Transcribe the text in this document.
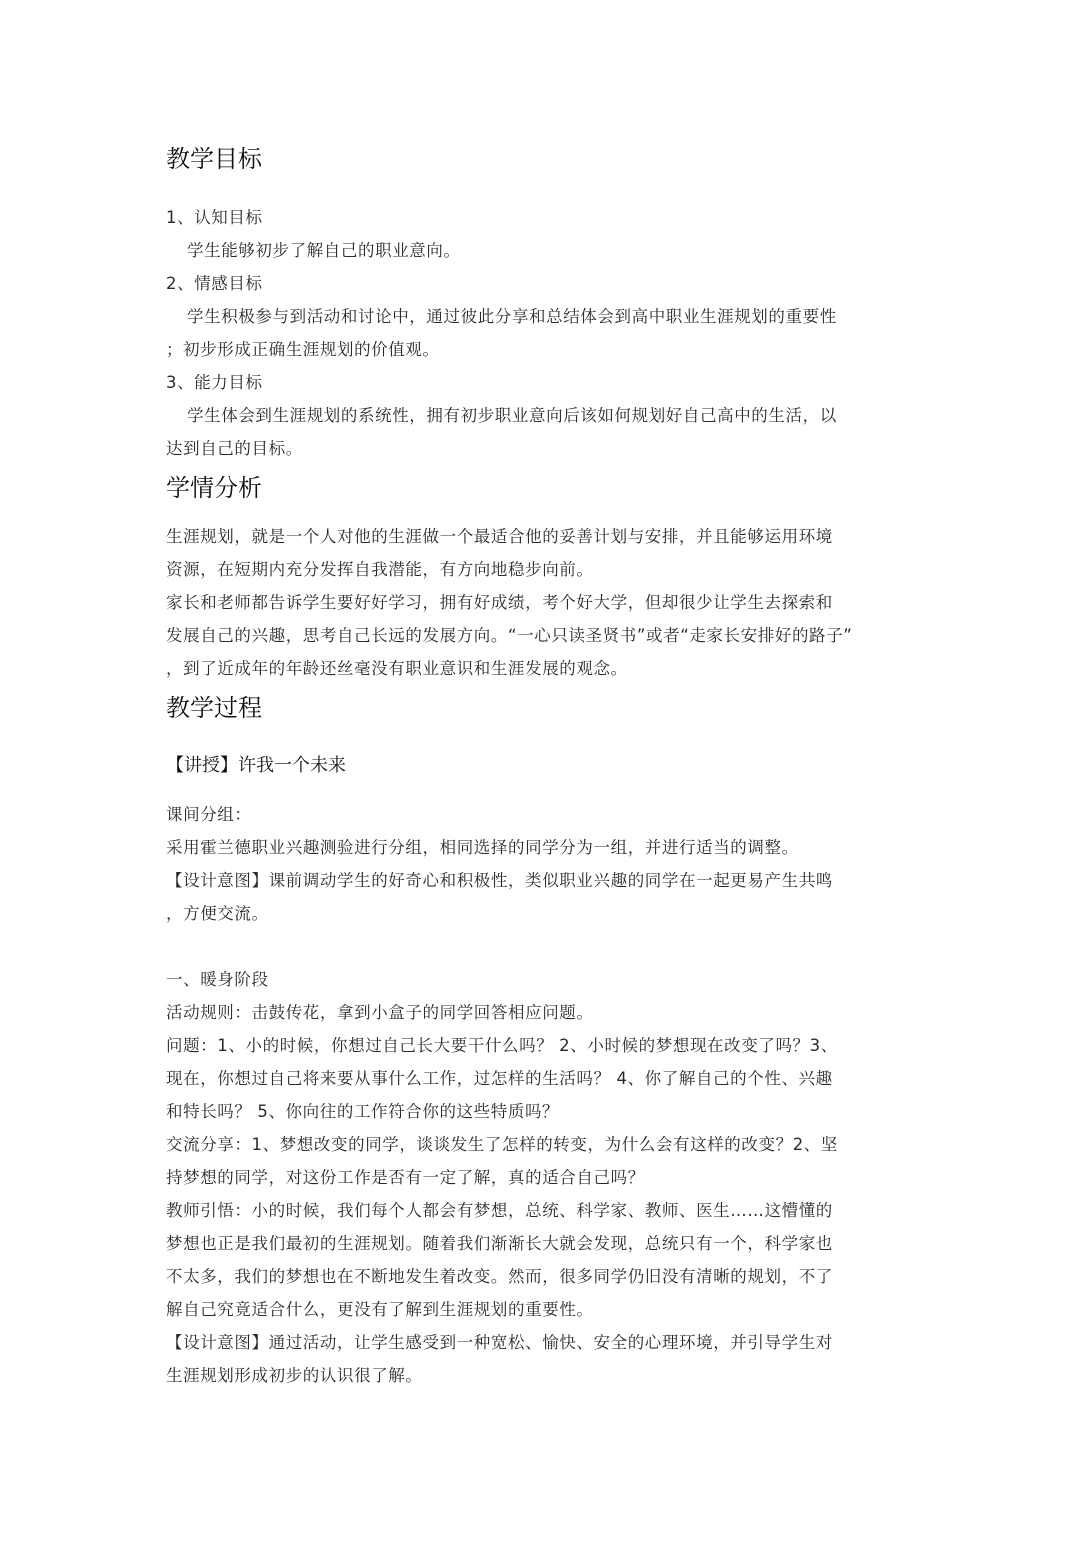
教学目标

1、认知目标

学生能够初步了解自己的职业意向。

2、情感目标

学生积极参与到活动和讨论中，通过彼此分享和总结体会到高中职业生涯规划的重要性

；初步形成正确生涯规划的价值观。

3、能力目标

学生体会到生涯规划的系统性，拥有初步职业意向后该如何规划好自己高中的生活，以

达到自己的目标。

学情分析

生涯规划，就是一个人对他的生涯做一个最适合他的妥善计划与安排，并且能够运用环境

资源，在短期内充分发挥自我潜能，有方向地稳步向前。

家长和老师都告诉学生要好好学习，拥有好成绩，考个好大学，但却很少让学生去探索和

发展自己的兴趣，思考自己长远的发展方向。“一心只读圣贤书”或者“走家长安排好的路子”

，到了近成年的年龄还丝毫没有职业意识和生涯发展的观念。

教学过程

【讲授】许我一个未来

课间分组：

采用霍兰德职业兴趣测验进行分组，相同选择的同学分为一组，并进行适当的调整。

【设计意图】课前调动学生的好奇心和积极性，类似职业兴趣的同学在一起更易产生共鸣

，方便交流。

一、暖身阶段

活动规则：击鼓传花，拿到小盒子的同学回答相应问题。

问题：1、小的时候，你想过自己长大要干什么吗？ 2、小时候的梦想现在改变了吗？3、

现在，你想过自己将来要从事什么工作，过怎样的生活吗？ 4、你了解自己的个性、兴趣

和特长吗？ 5、你向往的工作符合你的这些特质吗？

交流分享：1、梦想改变的同学，谈谈发生了怎样的转变，为什么会有这样的改变？2、坚

持梦想的同学，对这份工作是否有一定了解，真的适合自己吗？

教师引悟：小的时候，我们每个人都会有梦想，总统、科学家、教师、医生……这懵懂的

梦想也正是我们最初的生涯规划。随着我们渐渐长大就会发现，总统只有一个，科学家也

不太多，我们的梦想也在不断地发生着改变。然而，很多同学仍旧没有清晰的规划，不了

解自己究竟适合什么，更没有了解到生涯规划的重要性。

【设计意图】通过活动，让学生感受到一种宽松、愉快、安全的心理环境，并引导学生对

生涯规划形成初步的认识很了解。
